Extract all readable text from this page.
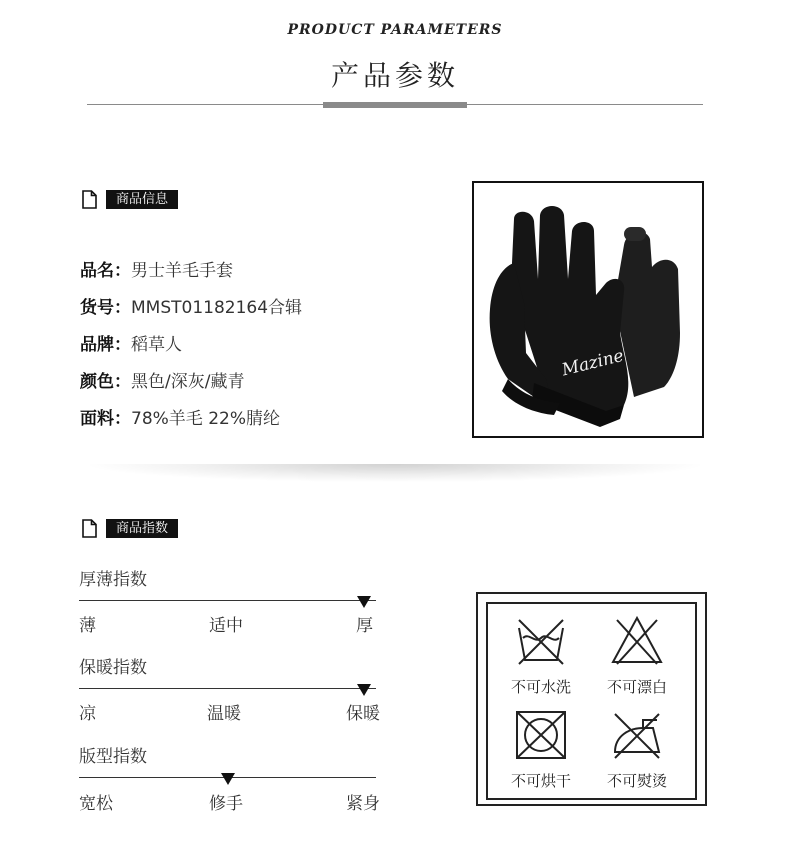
PRODUCT PARAMETERS
产品参数
商品信息
品名：男士羊毛手套
货号：MMST01182164合辑
品牌：稻草人
颜色：黑色/深灰/藏青
面料：78%羊毛 22%腈纶
Mazine
商品指数
厚薄指数
薄	适中	厚
保暖指数
凉	温暖	保暖
版型指数
宽松	修手	紧身
不可水洗	不可漂白
不可烘干	不可熨烫
